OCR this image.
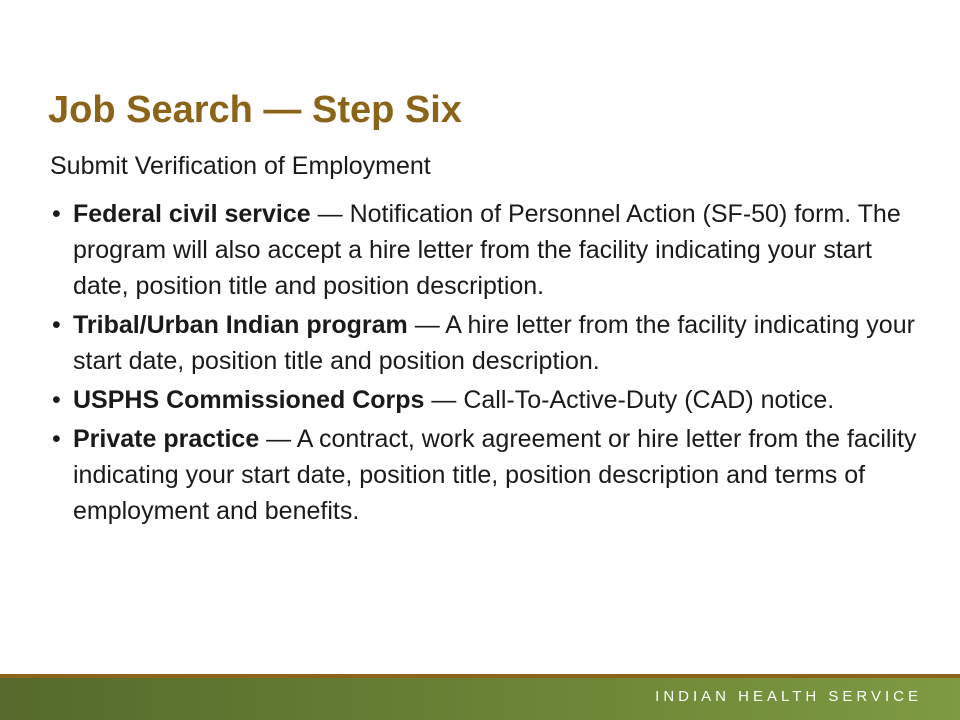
Job Search — Step Six

Submit Verification of Employment

• Federal civil service — Notification of Personnel Action (SF-50) form. The program will also accept a hire letter from the facility indicating your start date, position title and position description.
• Tribal/Urban Indian program — A hire letter from the facility indicating your start date, position title and position description.
• USPHS Commissioned Corps — Call-To-Active-Duty (CAD) notice.
• Private practice — A contract, work agreement or hire letter from the facility indicating your start date, position title, position description and terms of employment and benefits.
INDIAN HEALTH SERVICE
